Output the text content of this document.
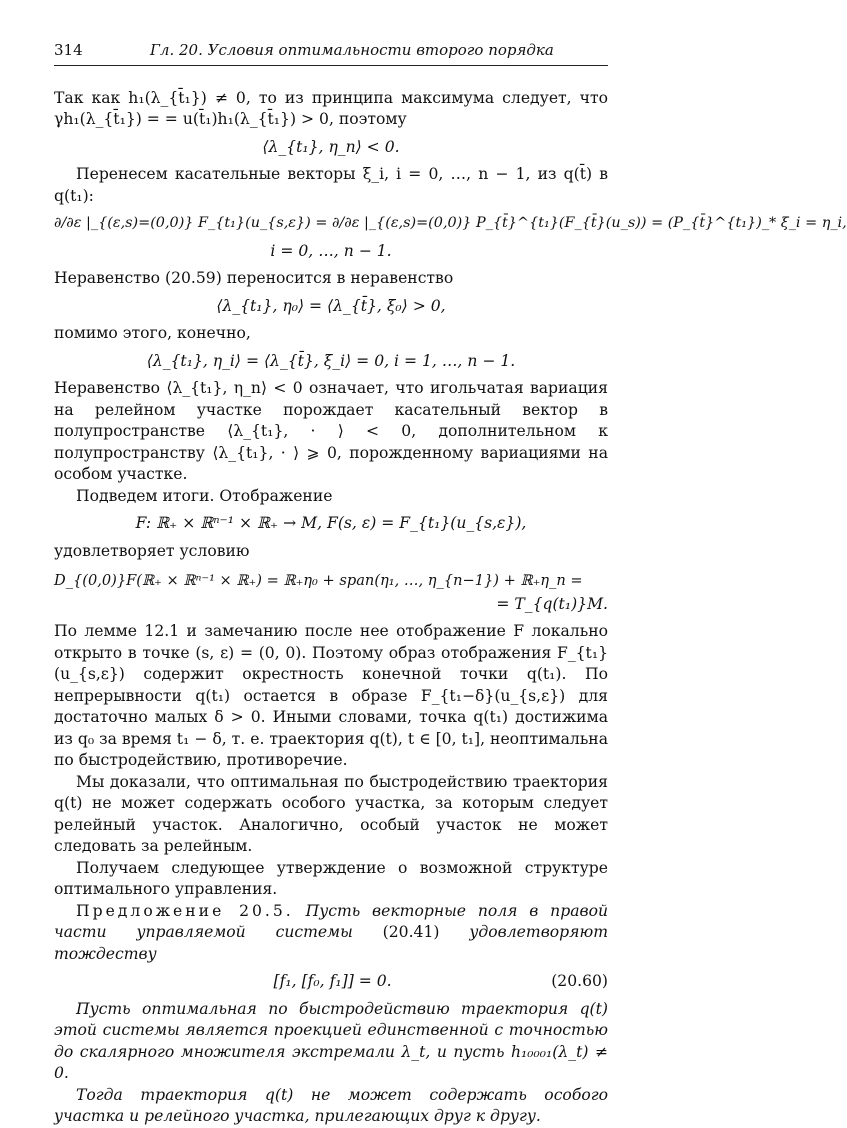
314	Гл. 20. Условия оптимальности второго порядка

Так как h₁(λ_{t̄₁}) ≠ 0, то из принципа максимума следует, что γh₁(λ_{t̄₁}) = = u(t̄₁)h₁(λ_{t̄₁}) > 0, поэтому

⟨λ_{t₁}, η_n⟩ < 0.

Перенесем касательные векторы ξ_i, i = 0, …, n − 1, из q(t̄) в q(t₁):

∂/∂ε |_{(ε,s)=(0,0)} F_{t₁}(u_{s,ε}) = ∂/∂ε |_{(ε,s)=(0,0)} P_{t̄}^{t₁}(F_{t̄}(u_s)) = (P_{t̄}^{t₁})_* ξ_i = η_i,
i = 0, …, n − 1.

Неравенство (20.59) переносится в неравенство

⟨λ_{t₁}, η₀⟩ = ⟨λ_{t̄}, ξ₀⟩ > 0,

помимо этого, конечно,

⟨λ_{t₁}, η_i⟩ = ⟨λ_{t̄}, ξ_i⟩ = 0, i = 1, …, n − 1.

Неравенство ⟨λ_{t₁}, η_n⟩ < 0 означает, что игольчатая вариация на релейном участке порождает касательный вектор в полупространстве ⟨λ_{t₁}, · ⟩ < 0, дополнительном к полупространству ⟨λ_{t₁}, · ⟩ ⩾ 0, порожденному вариациями на особом участке.

Подведем итоги. Отображение

F: ℝ₊ × ℝⁿ⁻¹ × ℝ₊ → M, F(s, ε) = F_{t₁}(u_{s,ε}),

удовлетворяет условию

D_{(0,0)}F(ℝ₊ × ℝⁿ⁻¹ × ℝ₊) = ℝ₊η₀ + span(η₁, …, η_{n−1}) + ℝ₊η_n =
= T_{q(t₁)}M.

По лемме 12.1 и замечанию после нее отображение F локально открыто в точке (s, ε) = (0, 0). Поэтому образ отображения F_{t₁}(u_{s,ε}) содержит окрестность конечной точки q(t₁). По непрерывности q(t₁) остается в образе F_{t₁−δ}(u_{s,ε}) для достаточно малых δ > 0. Иными словами, точка q(t₁) достижима из q₀ за время t₁ − δ, т. е. траектория q(t), t ∈ [0, t₁], неоптимальна по быстродействию, противоречие.

Мы доказали, что оптимальная по быстродействию траектория q(t) не может содержать особого участка, за которым следует релейный участок. Аналогично, особый участок не может следовать за релейным.

Получаем следующее утверждение о возможной структуре оптимального управления.

Предложение 20.5. Пусть векторные поля в правой части управляемой системы (20.41) удовлетворяют тождеству

[f₁, [f₀, f₁]] = 0.	(20.60)

Пусть оптимальная по быстродействию траектория q(t) этой системы является проекцией единственной с точностью до скалярного множителя экстремали λ_t, и пусть h₁₀₀₀₁(λ_t) ≠ 0.

Тогда траектория q(t) не может содержать особого участка и релейного участка, прилегающих друг к другу.
